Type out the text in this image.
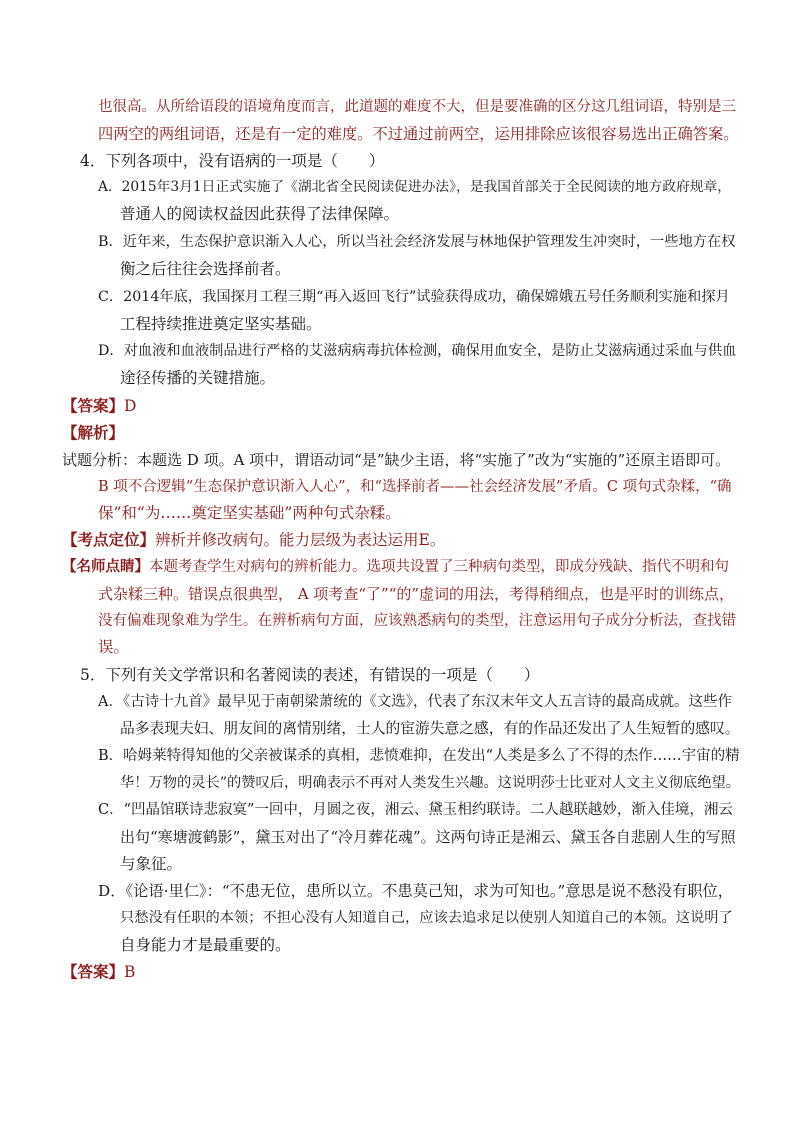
也很高。从所给语段的语境角度而言，此道题的难度不大，但是要准确的区分这几组词语，特别是三
四两空的两组词语，还是有一定的难度。不过通过前两空，运用排除应该很容易选出正确答案。
4．下列各项中，没有语病的一项是（　　）
A．2015年3月1日正式实施了《湖北省全民阅读促进办法》，是我国首部关于全民阅读的地方政府规章，
普通人的阅读权益因此获得了法律保障。
B．近年来，生态保护意识渐入人心，所以当社会经济发展与林地保护管理发生冲突时，一些地方在权
衡之后往往会选择前者。
C．2014年底，我国探月工程三期“再入返回飞行”试验获得成功，确保嫦娥五号任务顺利实施和探月
工程持续推进奠定坚实基础。
D．对血液和血液制品进行严格的艾滋病病毒抗体检测，确保用血安全，是防止艾滋病通过采血与供血
途径传播的关键措施。
【答案】D
【解析】
试题分析：本题选 D 项。A 项中，谓语动词“是”缺少主语，将“实施了”改为“实施的”还原主语即可。
B 项不合逻辑“生态保护意识渐入人心”，和“选择前者——社会经济发展”矛盾。C 项句式杂糅，“确
保”和“为……奠定坚实基础”两种句式杂糅。
【考点定位】辨析并修改病句。能力层级为表达运用E。
【名师点睛】本题考查学生对病句的辨析能力。选项共设置了三种病句类型，即成分残缺、指代不明和句
式杂糅三种。错误点很典型， A 项考查“了”“的”虚词的用法，考得稍细点，也是平时的训练点，
没有偏难现象难为学生。在辨析病句方面，应该熟悉病句的类型，注意运用句子成分分析法，查找错
误。
5．下列有关文学常识和名著阅读的表述，有错误的一项是（　　）
A．《古诗十九首》最早见于南朝梁萧统的《文选》，代表了东汉末年文人五言诗的最高成就。这些作
品多表现夫妇、朋友间的离情别绪，士人的宦游失意之感，有的作品还发出了人生短暂的感叹。
B．哈姆莱特得知他的父亲被谋杀的真相，悲愤难抑，在发出“人类是多么了不得的杰作……宇宙的精
华！万物的灵长”的赞叹后，明确表示不再对人类发生兴趣。这说明莎士比亚对人文主义彻底绝望。
C．“凹晶馆联诗悲寂寞”一回中，月圆之夜，湘云、黛玉相约联诗。二人越联越妙，渐入佳境，湘云
出句“寒塘渡鹤影”，黛玉对出了“冷月葬花魂”。这两句诗正是湘云、黛玉各自悲剧人生的写照
与象征。
D．《论语·里仁》：“不患无位，患所以立。不患莫己知，求为可知也。”意思是说不愁没有职位，
只愁没有任职的本领；不担心没有人知道自己，应该去追求足以使别人知道自己的本领。这说明了
自身能力才是最重要的。
【答案】B
